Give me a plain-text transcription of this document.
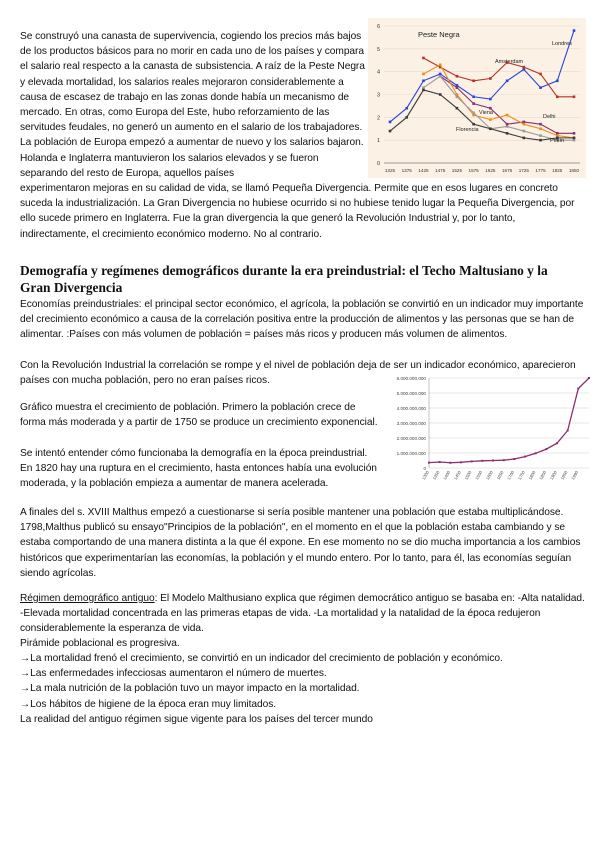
Se construyó una canasta de supervivencia, cogiendo los precios más bajos de los productos básicos para no morir en cada uno de los países y compara el salario real respecto a la canasta de subsistencia. A raíz de la Peste Negra y elevada mortalidad, los salarios reales mejoraron considerablemente a causa de escasez de trabajo en las zonas donde había un mecanismo de mercado. En otras, como Europa del Este, hubo reforzamiento de las servitudes feudales, no generó un aumento en el salario de los trabajadores. La población de Europa empezó a aumentar de nuevo y los salarios bajaron. Holanda e Inglaterra mantuvieron los salarios elevados y se fueron separando del resto de Europa, aquellos países

0
1
2
3
4
5
6
1325 1375 1425 1475 1525 1575 1625 1675 1725 1775 1825 1850
Peste Negra
Londres
Amsterdam
Delhi
Viena
Florencia
Pekín

experimentaron mejoras en su calidad de vida, se llamó Pequeña Divergencia. Permite que en esos lugares en concreto suceda la industrialización. La Gran Divergencia no hubiese ocurrido si no hubiese tenido lugar la Pequeña Divergencia, por ello sucede primero en Inglaterra. Fue la gran divergencia la que generó la Revolución Industrial y, por lo tanto, indirectamente, el crecimiento económico moderno. No al contrario.

Demografía y regímenes demográficos durante la era preindustrial: el Techo Maltusiano y la Gran Divergencia

Economías preindustriales: el principal sector económico, el agrícola, la población se convirtió en un indicador muy importante del crecimiento económico a causa de la correlación positiva entre la producción de alimentos y las personas que se han de alimentar. :Países con más volumen de población = países más ricos y producen más volumen de alimentos.

Con la Revolución Industrial la correlación se rompe y el nivel de población deja de ser un indicador económico, aparecieron países con mucha población, pero no eran países ricos.

0
1.000.000.000
2.000.000.000
3.000.000.000
4.000.000.000
5.000.000.000
6.000.000.000
1300 1350 1400 1450 1500 1550 1600 1650 1700 1750 1800 1850 1900 1950 1990

Gráfico muestra el crecimiento de población. Primero la población crece de forma más moderada y a partir de 1750 se produce un crecimiento exponencial.

Se intentó entender cómo funcionaba la demografía en la época preindustrial. En 1820 hay una ruptura en el crecimiento, hasta entonces había una evolución moderada, y la población empieza a aumentar de manera acelerada.

A finales del s. XVIII Malthus empezó a cuestionarse si sería posible mantener una población que estaba multiplicándose. 1798,Malthus publicó su ensayo"Principios de la población", en el momento en el que la población estaba cambiando y se estaba comportando de una manera distinta a la que él expone. En ese momento no se dio mucha importancia a los cambios históricos que experimentarían las economías, la población y el mundo entero. Por lo tanto, para él, las economías seguían siendo agrícolas.

Régimen demográfico antiguo: El Modelo Malthusiano explica que régimen democrático antiguo se basaba en: -Alta natalidad. -Elevada mortalidad concentrada en las primeras etapas de vida. -La mortalidad y la natalidad de la época redujeron considerablemente la esperanza de vida.

Pirámide poblacional es progresiva.

→La mortalidad frenó el crecimiento, se convirtió en un indicador del crecimiento de población y económico.
→Las enfermedades infecciosas aumentaron el número de muertes.
→La mala nutrición de la población tuvo un mayor impacto en la mortalidad.
→Los hábitos de higiene de la época eran muy limitados.

La realidad del antiguo régimen sigue vigente para los países del tercer mundo
